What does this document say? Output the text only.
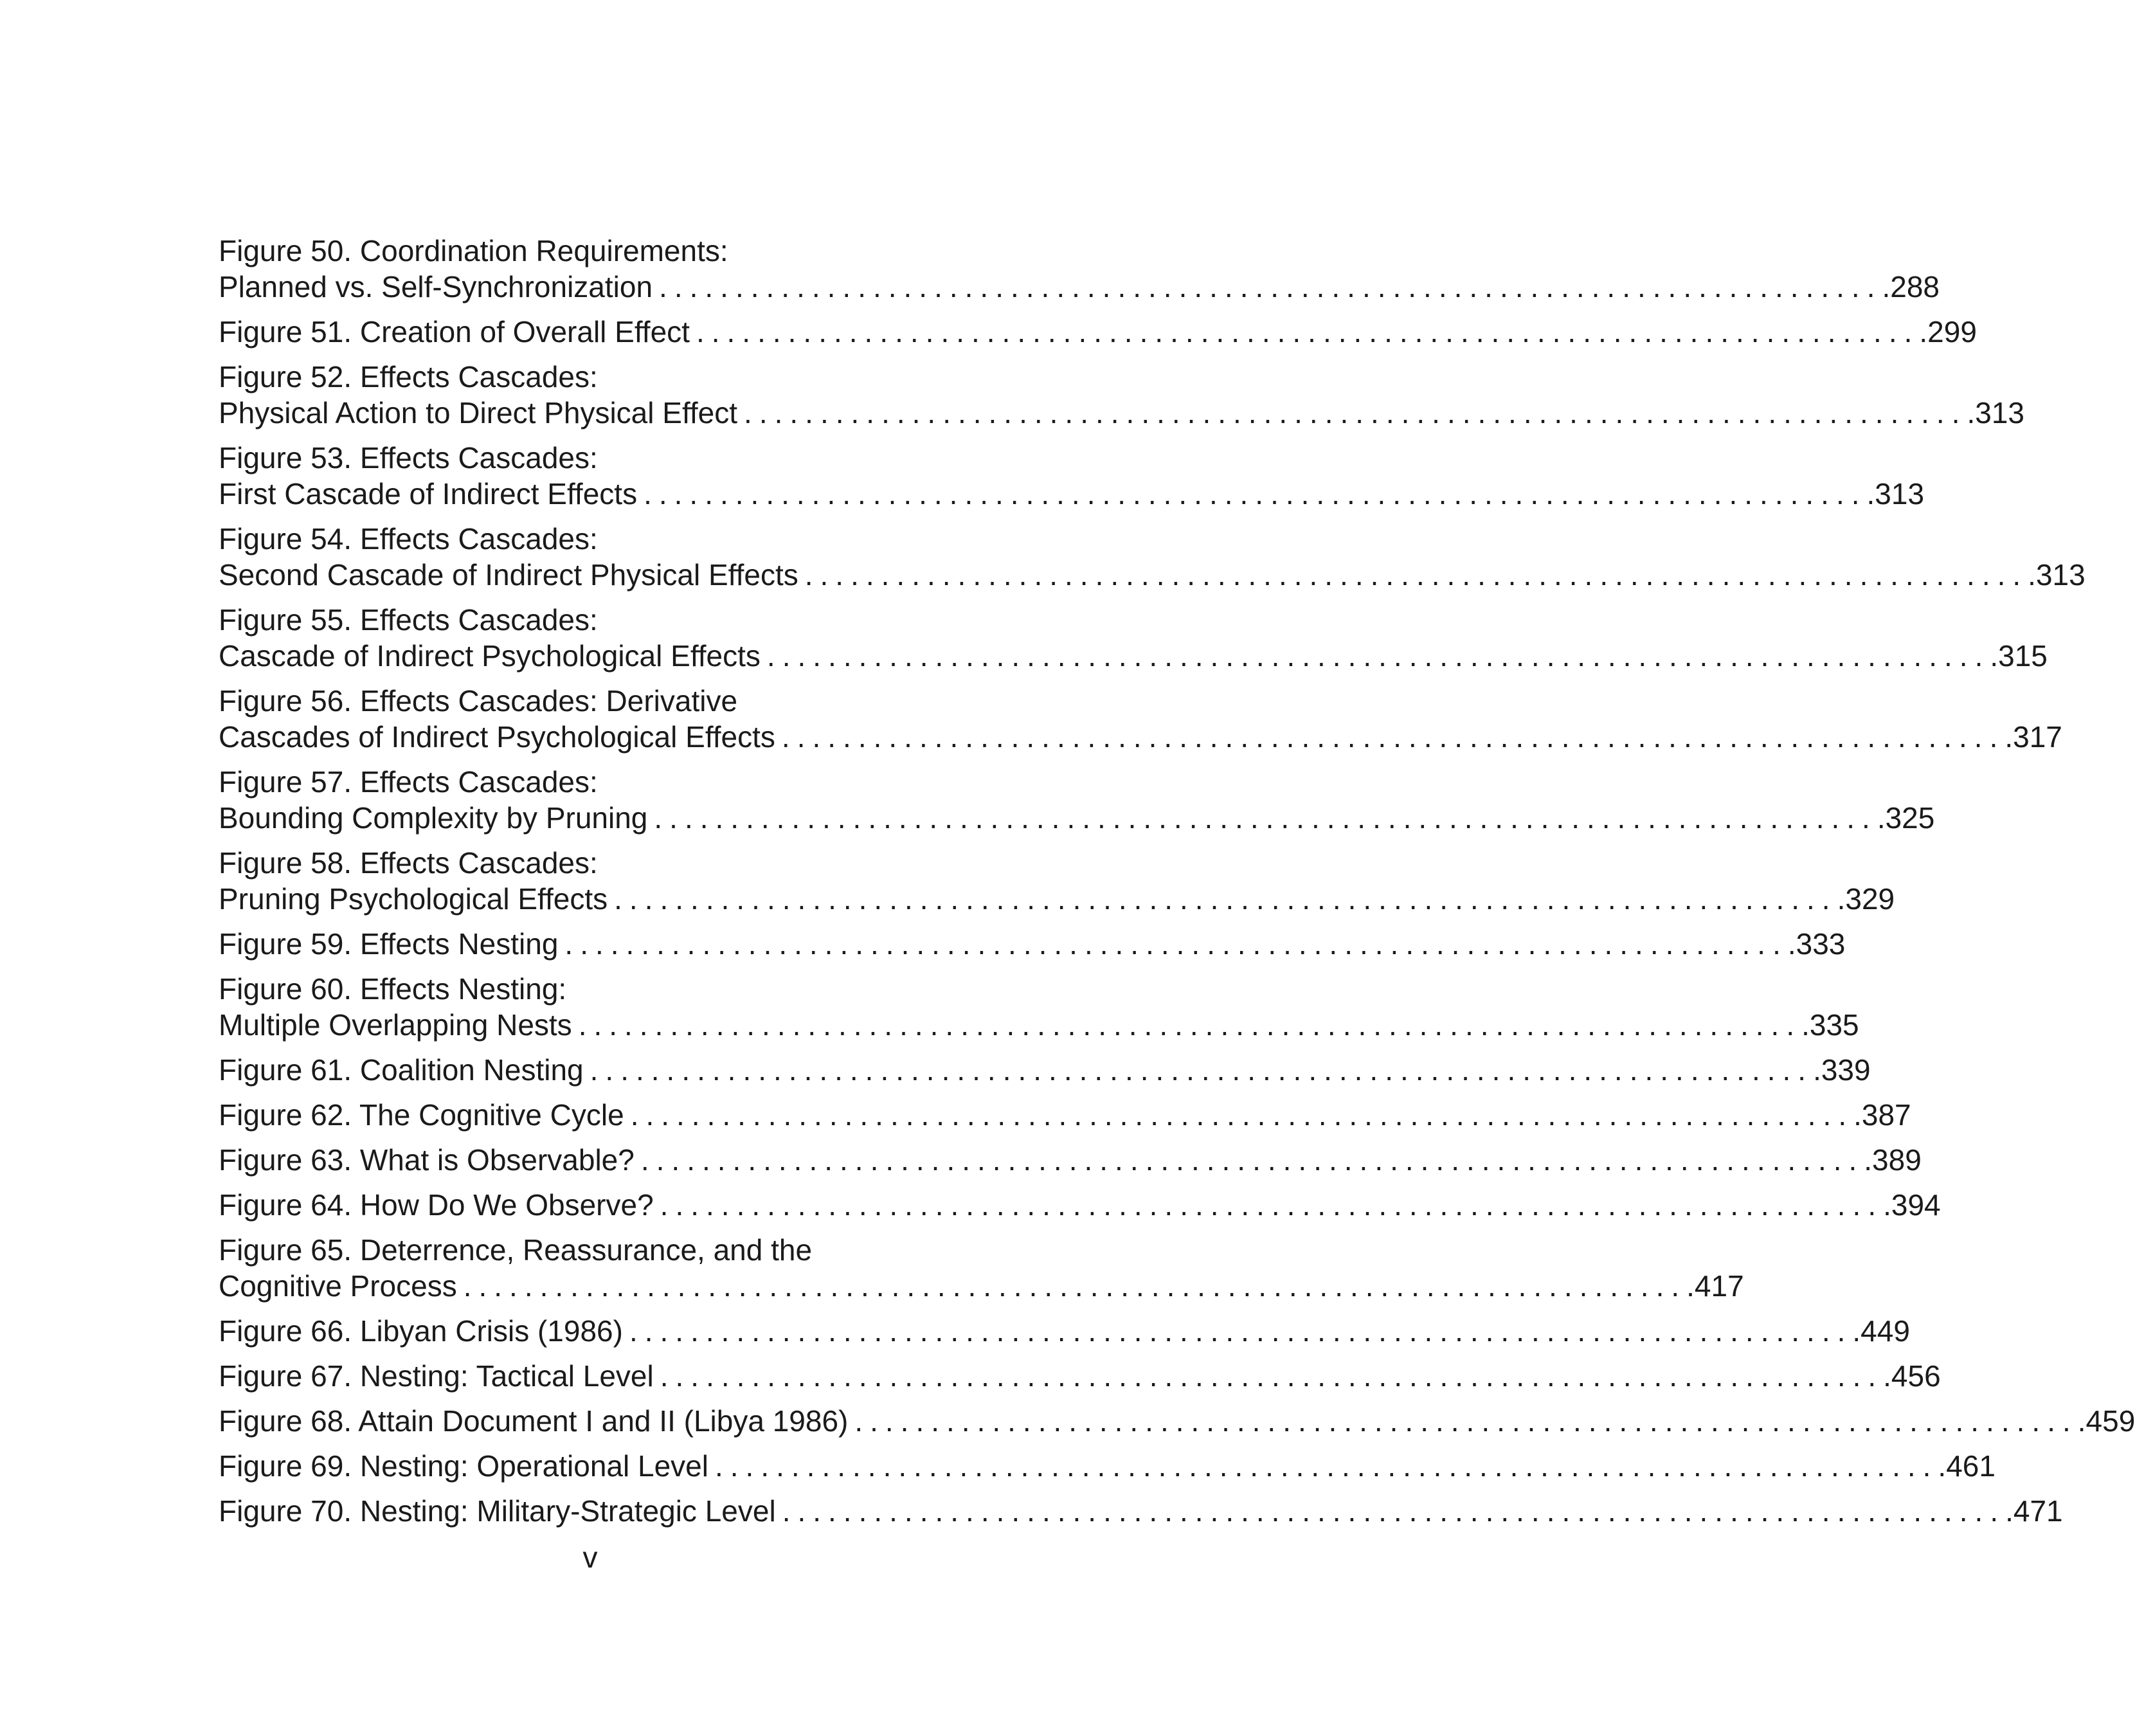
Figure 50. Coordination Requirements:
Planned vs. Self-Synchronization ................................................................................ .288
Figure 51. Creation of Overall Effect ................................................................................ .299
Figure 52. Effects Cascades:
Physical Action to Direct Physical Effect ................................................................................ .313
Figure 53. Effects Cascades:
First Cascade of Indirect Effects ................................................................................ .313
Figure 54. Effects Cascades:
Second Cascade of Indirect Physical Effects ................................................................................ .313
Figure 55. Effects Cascades:
Cascade of Indirect Psychological Effects ................................................................................ .315
Figure 56. Effects Cascades: Derivative
Cascades of Indirect Psychological Effects ................................................................................ .317
Figure 57. Effects Cascades:
Bounding Complexity by Pruning ................................................................................ .325
Figure 58. Effects Cascades:
Pruning Psychological Effects ................................................................................ .329
Figure 59. Effects Nesting ................................................................................ .333
Figure 60. Effects Nesting:
Multiple Overlapping Nests ................................................................................ .335
Figure 61. Coalition Nesting ................................................................................ .339
Figure 62. The Cognitive Cycle ................................................................................ .387
Figure 63. What is Observable? ................................................................................ .389
Figure 64. How Do We Observe? ................................................................................ .394
Figure 65. Deterrence, Reassurance, and the
Cognitive Process ................................................................................ .417
Figure 66. Libyan Crisis (1986) ................................................................................ .449
Figure 67. Nesting: Tactical Level ................................................................................ .456
Figure 68. Attain Document I and II (Libya 1986) ................................................................................ .459
Figure 69. Nesting: Operational Level ................................................................................ .461
Figure 70. Nesting: Military-Strategic Level ................................................................................ .471
v
